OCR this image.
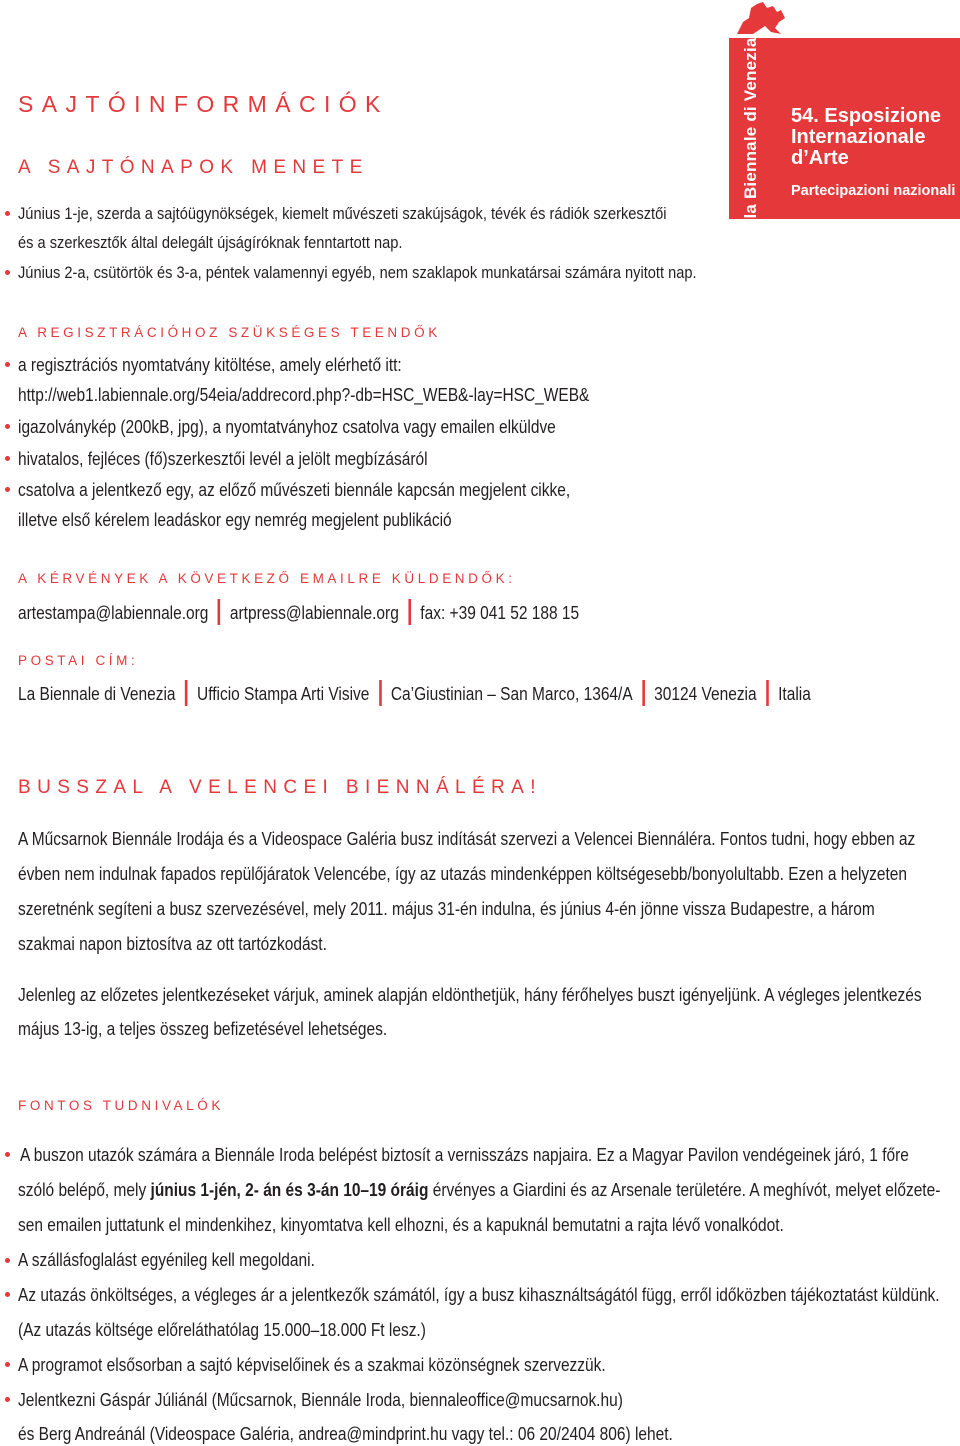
la Biennale di Venezia 54. Esposizione
Internazionale
d’Arte
Partecipazioni nazionali
SAJTÓINFORMÁCIÓK
A SAJTÓNAPOK MENETE
Június 1-je, szerda a sajtóügynökségek, kiemelt művészeti szakújságok, tévék és rádiók szerkesztői
és a szerkesztők által delegált újságíróknak fenntartott nap.
Június 2-a, csütörtök és 3-a, péntek valamennyi egyéb, nem szaklapok munkatársai számára nyitott nap.
A REGISZTRÁCIÓHOZ SZÜKSÉGES TEENDŐK
a regisztrációs nyomtatvány kitöltése, amely elérhető itt:
http://web1.labiennale.org/54eia/addrecord.php?-db=HSC_WEB&-lay=HSC_WEB&
igazolványkép (200kB, jpg), a nyomtatványhoz csatolva vagy emailen elküldve
hivatalos, fejléces (fő)szerkesztői levél a jelölt megbízásáról
csatolva a jelentkező egy, az előző művészeti biennále kapcsán megjelent cikke,
illetve első kérelem leadáskor egy nemrég megjelent publikáció
A KÉRVÉNYEK A KÖVETKEZŐ EMAILRE KÜLDENDŐK:
artestampa@labiennale.org artpress@labiennale.org fax: +39 041 52 188 15
POSTAI CÍM:
La Biennale di Venezia Ufficio Stampa Arti Visive Ca’Giustinian – San Marco, 1364/A 30124 Venezia Italia
BUSSZAL A VELENCEI BIENNÁLÉRA!
A Műcsarnok Biennále Irodája és a Videospace Galéria busz indítását szervezi a Velencei Biennáléra. Fontos tudni, hogy ebben az
évben nem indulnak fapados repülőjáratok Velencébe, így az utazás mindenképpen költségesebb/bonyolultabb. Ezen a helyzeten
szeretnénk segíteni a busz szervezésével, mely 2011. május 31-én indulna, és június 4-én jönne vissza Budapestre, a három
szakmai napon biztosítva az ott tartózkodást.
Jelenleg az előzetes jelentkezéseket várjuk, aminek alapján eldönthetjük, hány férőhelyes buszt igényeljünk. A végleges jelentkezés
május 13-ig, a teljes összeg befizetésével lehetséges.
FONTOS TUDNIVALÓK
A buszon utazók számára a Biennále Iroda belépést biztosít a vernisszázs napjaira. Ez a Magyar Pavilon vendégeinek járó, 1 főre
szóló belépő, mely június 1-jén, 2- án és 3-án 10–19 óráig érvényes a Giardini és az Arsenale területére. A meghívót, melyet előzete-
sen emailen juttatunk el mindenkihez, kinyomtatva kell elhozni, és a kapuknál bemutatni a rajta lévő vonalkódot.
A szállásfoglalást egyénileg kell megoldani.
Az utazás önköltséges, a végleges ár a jelentkezők számától, így a busz kihasználtságától függ, erről időközben tájékoztatást küldünk.
(Az utazás költsége előreláthatólag 15.000–18.000 Ft lesz.)
A programot elsősorban a sajtó képviselőinek és a szakmai közönségnek szervezzük.
Jelentkezni Gáspár Júliánál (Műcsarnok, Biennále Iroda, biennaleoffice@mucsarnok.hu)
és Berg Andreánál (Videospace Galéria, andrea@mindprint.hu vagy tel.: 06 20/2404 806) lehet.
